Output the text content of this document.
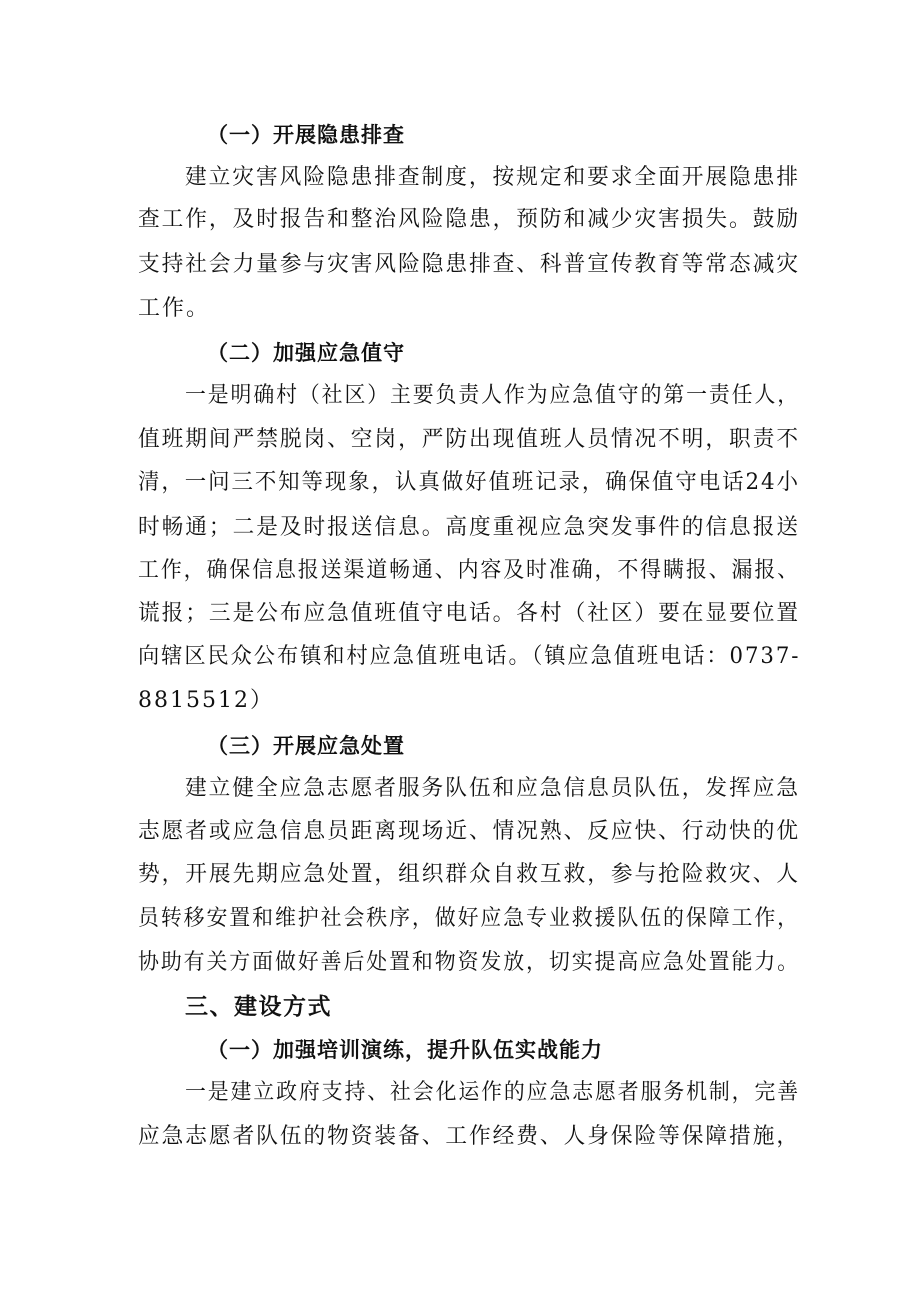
（一）开展隐患排查
建立灾害风险隐患排查制度，按规定和要求全面开展隐患排
查工作，及时报告和整治风险隐患，预防和减少灾害损失。鼓励
支持社会力量参与灾害风险隐患排查、科普宣传教育等常态减灾
工作。
（二）加强应急值守
一是明确村（社区）主要负责人作为应急值守的第一责任人，
值班期间严禁脱岗、空岗，严防出现值班人员情况不明，职责不
清，一问三不知等现象，认真做好值班记录，确保值守电话24小
时畅通；二是及时报送信息。高度重视应急突发事件的信息报送
工作，确保信息报送渠道畅通、内容及时准确，不得瞒报、漏报、
谎报；三是公布应急值班值守电话。各村（社区）要在显要位置
向辖区民众公布镇和村应急值班电话。（镇应急值班电话：0737-
8815512）
（三）开展应急处置
建立健全应急志愿者服务队伍和应急信息员队伍，发挥应急
志愿者或应急信息员距离现场近、情况熟、反应快、行动快的优
势，开展先期应急处置，组织群众自救互救，参与抢险救灾、人
员转移安置和维护社会秩序，做好应急专业救援队伍的保障工作，
协助有关方面做好善后处置和物资发放，切实提高应急处置能力。
三、建设方式
（一）加强培训演练，提升队伍实战能力
一是建立政府支持、社会化运作的应急志愿者服务机制，完善
应急志愿者队伍的物资装备、工作经费、人身保险等保障措施，
